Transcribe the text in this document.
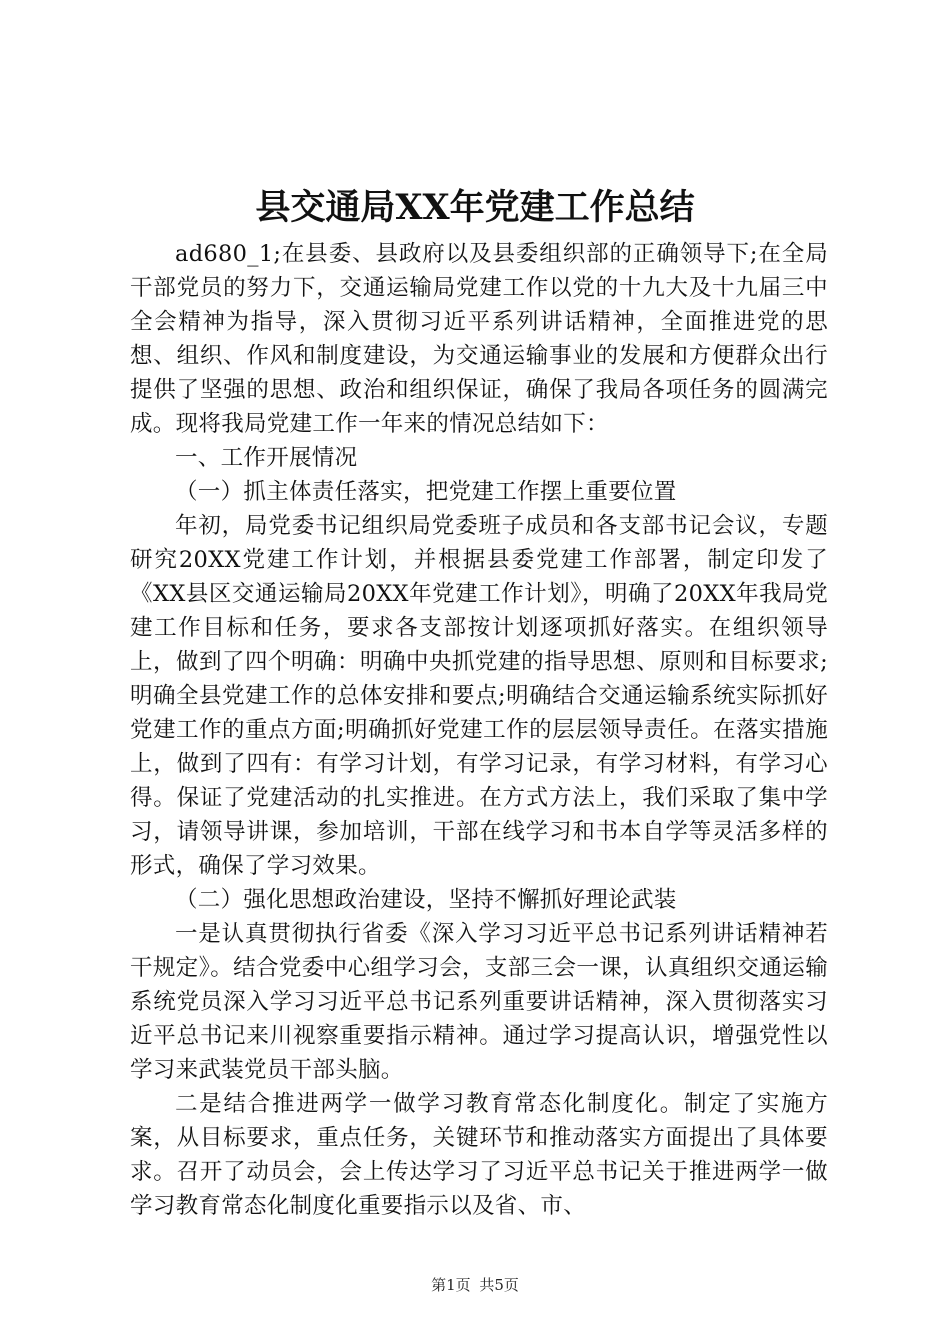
县交通局XX年党建工作总结

ad680_1;在县委、县政府以及县委组织部的正确领导下;在全局干部党员的努力下，交通运输局党建工作以党的十九大及十九届三中全会精神为指导，深入贯彻习近平系列讲话精神，全面推进党的思想、组织、作风和制度建设，为交通运输事业的发展和方便群众出行提供了坚强的思想、政治和组织保证，确保了我局各项任务的圆满完成。现将我局党建工作一年来的情况总结如下：

一、工作开展情况

（一）抓主体责任落实，把党建工作摆上重要位置

年初，局党委书记组织局党委班子成员和各支部书记会议，专题研究20XX党建工作计划，并根据县委党建工作部署，制定印发了《XX县区交通运输局20XX年党建工作计划》，明确了20XX年我局党建工作目标和任务，要求各支部按计划逐项抓好落实。在组织领导上，做到了四个明确：明确中央抓党建的指导思想、原则和目标要求;明确全县党建工作的总体安排和要点;明确结合交通运输系统实际抓好党建工作的重点方面;明确抓好党建工作的层层领导责任。在落实措施上，做到了四有：有学习计划，有学习记录，有学习材料，有学习心得。保证了党建活动的扎实推进。在方式方法上，我们采取了集中学习，请领导讲课，参加培训，干部在线学习和书本自学等灵活多样的形式，确保了学习效果。

（二）强化思想政治建设，坚持不懈抓好理论武装

一是认真贯彻执行省委《深入学习习近平总书记系列讲话精神若干规定》。结合党委中心组学习会，支部三会一课，认真组织交通运输系统党员深入学习习近平总书记系列重要讲话精神，深入贯彻落实习近平总书记来川视察重要指示精神。通过学习提高认识，增强党性以学习来武装党员干部头脑。

二是结合推进两学一做学习教育常态化制度化。制定了实施方案，从目标要求，重点任务，关键环节和推动落实方面提出了具体要求。召开了动员会，会上传达学习了习近平总书记关于推进两学一做学习教育常态化制度化重要指示以及省、市、

第1页 共5页
